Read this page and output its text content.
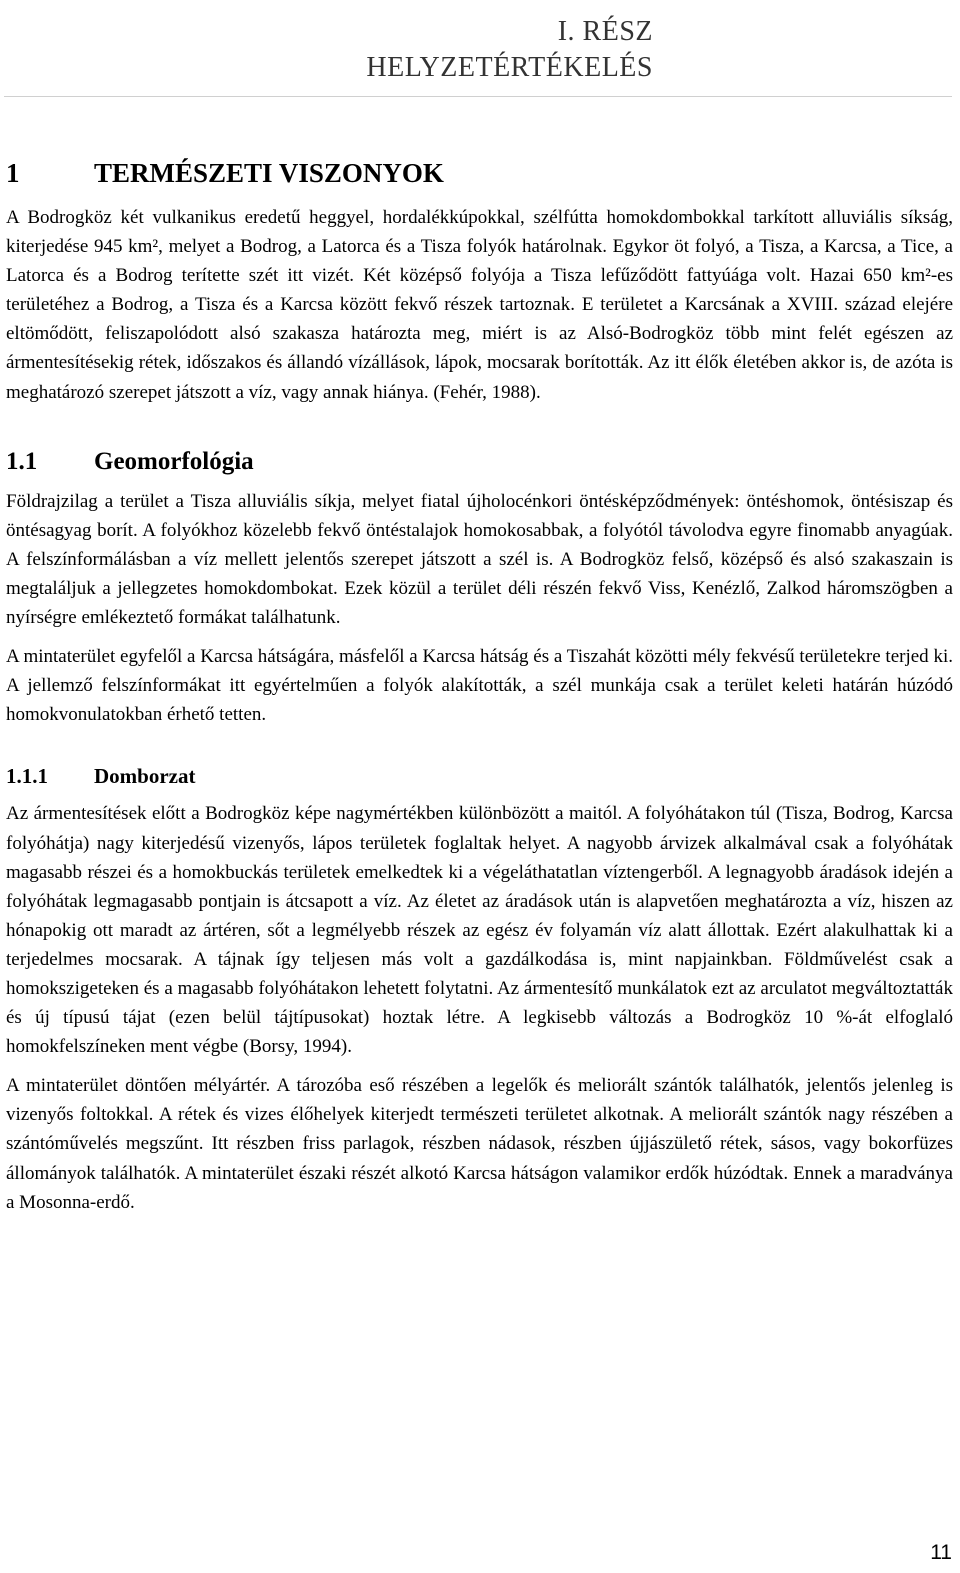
I. RÉSZ
HELYZETÉRTÉKELÉS
1	TERMÉSZETI VISZONYOK

A Bodrogköz két vulkanikus eredetű heggyel, hordalékkúpokkal, szélfútta homokdombokkal tarkított alluviális síkság, kiterjedése 945 km², melyet a Bodrog, a Latorca és a Tisza folyók határolnak. Egykor öt folyó, a Tisza, a Karcsa, a Tice, a Latorca és a Bodrog terítette szét itt vizét. Két középső folyója a Tisza lefűződött fattyúága volt. Hazai 650 km²-es területéhez a Bodrog, a Tisza és a Karcsa között fekvő részek tartoznak. E területet a Karcsának a XVIII. század elejére eltömődött, feliszapolódott alsó szakasza határozta meg, miért is az Alsó-Bodrogköz több mint felét egészen az ármentesítésekig rétek, időszakos és állandó vízállások, lápok, mocsarak borították. Az itt élők életében akkor is, de azóta is meghatározó szerepet játszott a víz, vagy annak hiánya. (Fehér, 1988).

1.1	Geomorfológia

Földrajzilag a terület a Tisza alluviális síkja, melyet fiatal újholocénkori öntésképződmények: öntéshomok, öntésiszap és öntésagyag borít. A folyókhoz közelebb fekvő öntéstalajok homokosabbak, a folyótól távolodva egyre finomabb anyagúak. A felszínformálásban a víz mellett jelentős szerepet játszott a szél is. A Bodrogköz felső, középső és alsó szakaszain is megtaláljuk a jellegzetes homokdombokat. Ezek közül a terület déli részén fekvő Viss, Kenézlő, Zalkod háromszögben a nyírségre emlékeztető formákat találhatunk.

A mintaterület egyfelől a Karcsa hátságára, másfelől a Karcsa hátság és a Tiszahát közötti mély fekvésű területekre terjed ki. A jellemző felszínformákat itt egyértelműen a folyók alakították, a szél munkája csak a terület keleti határán húzódó homokvonulatokban érhető tetten.

1.1.1	Domborzat

Az ármentesítések előtt a Bodrogköz képe nagymértékben különbözött a maitól. A folyóhátakon túl (Tisza, Bodrog, Karcsa folyóhátja) nagy kiterjedésű vizenyős, lápos területek foglaltak helyet. A nagyobb árvizek alkalmával csak a folyóhátak magasabb részei és a homokbuckás területek emelkedtek ki a végeláthatatlan víztengerből. A legnagyobb áradások idején a folyóhátak legmagasabb pontjain is átcsapott a víz. Az életet az áradások után is alapvetően meghatározta a víz, hiszen az hónapokig ott maradt az ártéren, sőt a legmélyebb részek az egész év folyamán víz alatt állottak. Ezért alakulhattak ki a terjedelmes mocsarak. A tájnak így teljesen más volt a gazdálkodása is, mint napjainkban. Földművelést csak a homokszigeteken és a magasabb folyóhátakon lehetett folytatni. Az ármentesítő munkálatok ezt az arculatot megváltoztatták és új típusú tájat (ezen belül tájtípusokat) hoztak létre. A legkisebb változás a Bodrogköz 10 %-át elfoglaló homokfelszíneken ment végbe (Borsy, 1994).

A mintaterület döntően mélyártér. A tározóba eső részében a legelők és meliorált szántók találhatók, jelentős jelenleg is vizenyős foltokkal. A rétek és vizes élőhelyek kiterjedt természeti területet alkotnak. A meliorált szántók nagy részében a szántóművelés megszűnt. Itt részben friss parlagok, részben nádasok, részben újjászülető rétek, sásos, vagy bokorfüzes állományok találhatók. A mintaterület északi részét alkotó Karcsa hátságon valamikor erdők húzódtak. Ennek a maradványa a Mosonna-erdő.

11
